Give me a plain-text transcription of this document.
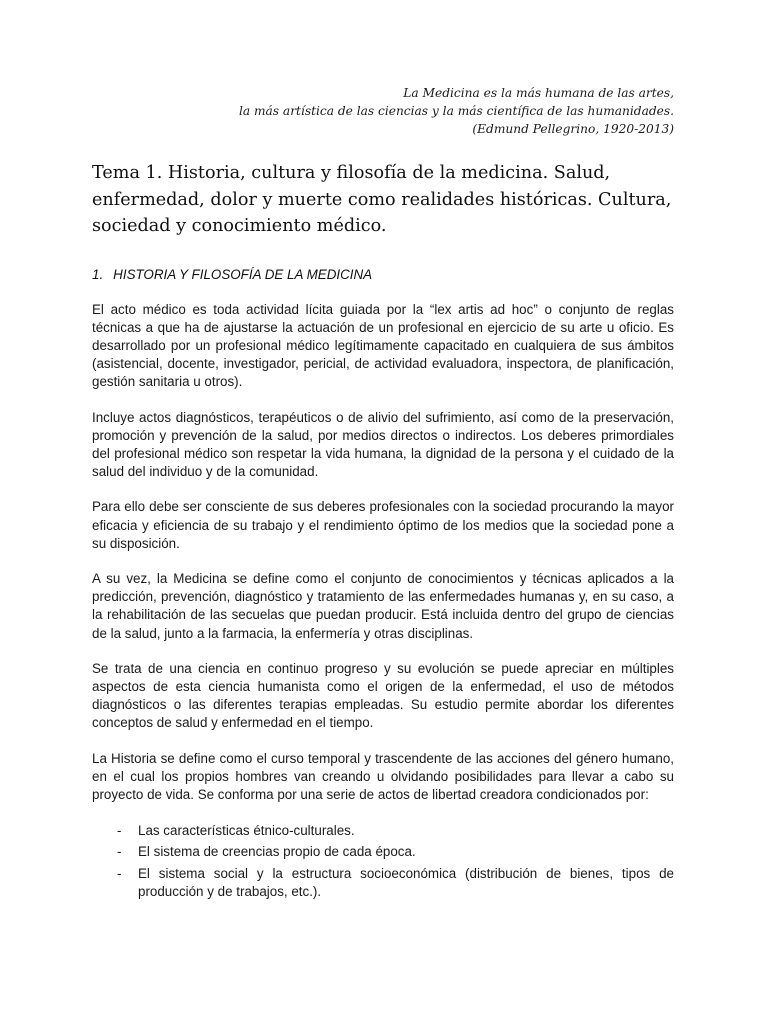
La Medicina es la más humana de las artes,
la más artística de las ciencias y la más científica de las humanidades.
(Edmund Pellegrino, 1920-2013)
Tema 1. Historia, cultura y filosofía de la medicina. Salud, enfermedad, dolor y muerte como realidades históricas. Cultura, sociedad y conocimiento médico.
1. HISTORIA Y FILOSOFÍA DE LA MEDICINA

El acto médico es toda actividad lícita guiada por la “lex artis ad hoc” o conjunto de reglas técnicas a que ha de ajustarse la actuación de un profesional en ejercicio de su arte u oficio. Es desarrollado por un profesional médico legítimamente capacitado en cualquiera de sus ámbitos (asistencial, docente, investigador, pericial, de actividad evaluadora, inspectora, de planificación, gestión sanitaria u otros).

Incluye actos diagnósticos, terapéuticos o de alivio del sufrimiento, así como de la preservación, promoción y prevención de la salud, por medios directos o indirectos. Los deberes primordiales del profesional médico son respetar la vida humana, la dignidad de la persona y el cuidado de la salud del individuo y de la comunidad.

Para ello debe ser consciente de sus deberes profesionales con la sociedad procurando la mayor eficacia y eficiencia de su trabajo y el rendimiento óptimo de los medios que la sociedad pone a su disposición.

A su vez, la Medicina se define como el conjunto de conocimientos y técnicas aplicados a la predicción, prevención, diagnóstico y tratamiento de las enfermedades humanas y, en su caso, a la rehabilitación de las secuelas que puedan producir. Está incluida dentro del grupo de ciencias de la salud, junto a la farmacia, la enfermería y otras disciplinas.

Se trata de una ciencia en continuo progreso y su evolución se puede apreciar en múltiples aspectos de esta ciencia humanista como el origen de la enfermedad, el uso de métodos diagnósticos o las diferentes terapias empleadas. Su estudio permite abordar los diferentes conceptos de salud y enfermedad en el tiempo.

La Historia se define como el curso temporal y trascendente de las acciones del género humano, en el cual los propios hombres van creando u olvidando posibilidades para llevar a cabo su proyecto de vida. Se conforma por una serie de actos de libertad creadora condicionados por:

- Las características étnico-culturales.
- El sistema de creencias propio de cada época.
- El sistema social y la estructura socioeconómica (distribución de bienes, tipos de producción y de trabajos, etc.).
